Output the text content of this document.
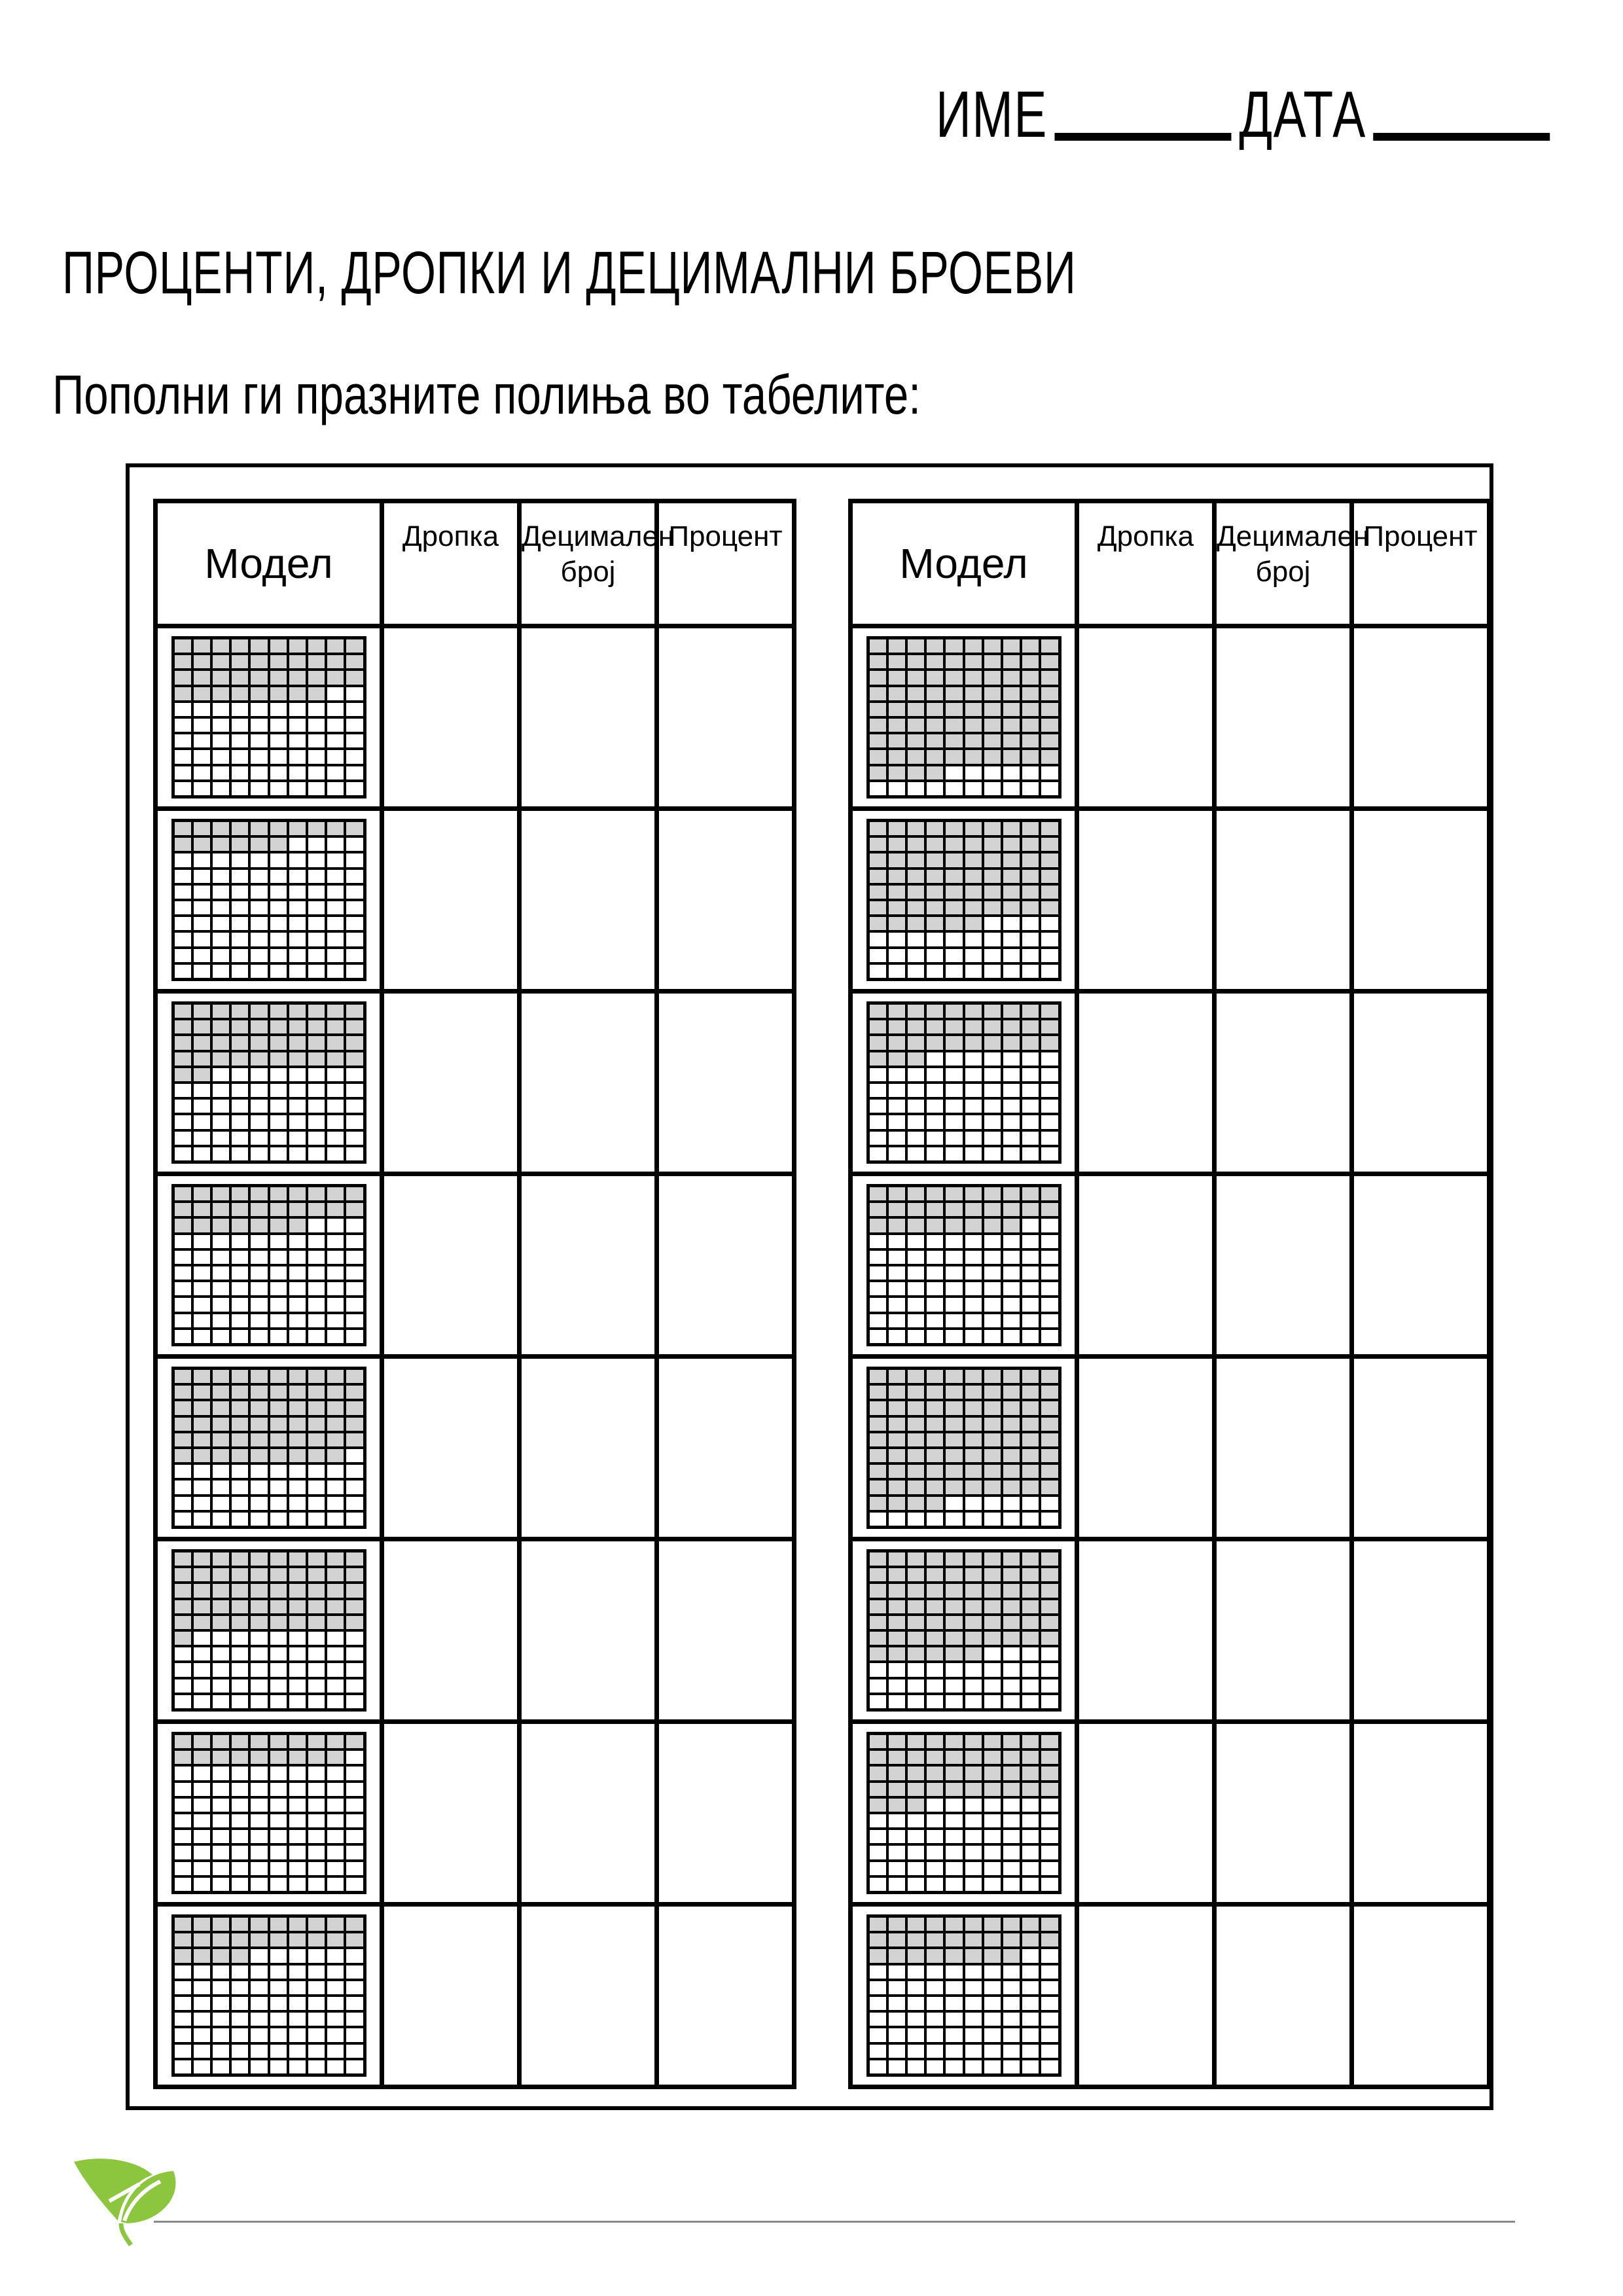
ИМЕ	ДАТА
ПРОЦЕНТИ, ДРОПКИ И ДЕЦИМАЛНИ БРОЕВИ
Пополни ги празните полиња во табелите:
Модел	Дропка	Децимален број	Процент

Модел	Дропка	Децимален број	Процент
